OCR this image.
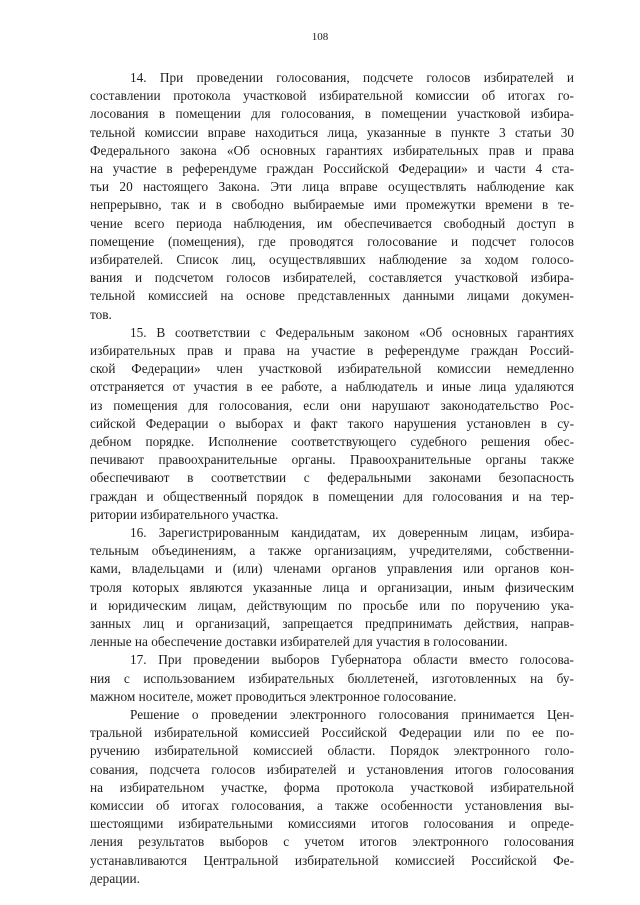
108
14. При проведении голосования, подсчете голосов избирателей и
составлении протокола участковой избирательной комиссии об итогах го-
лосования в помещении для голосования, в помещении участковой избира-
тельной комиссии вправе находиться лица, указанные в пункте 3 статьи 30
Федерального закона «Об основных гарантиях избирательных прав и права
на участие в референдуме граждан Российской Федерации» и части 4 ста-
тьи 20 настоящего Закона. Эти лица вправе осуществлять наблюдение как
непрерывно, так и в свободно выбираемые ими промежутки времени в те-
чение всего периода наблюдения, им обеспечивается свободный доступ в
помещение (помещения), где проводятся голосование и подсчет голосов
избирателей. Список лиц, осуществлявших наблюдение за ходом голосо-
вания и подсчетом голосов избирателей, составляется участковой избира-
тельной комиссией на основе представленных данными лицами докумен-
тов.
15. В соответствии с Федеральным законом «Об основных гарантиях
избирательных прав и права на участие в референдуме граждан Россий-
ской Федерации» член участковой избирательной комиссии немедленно
отстраняется от участия в ее работе, а наблюдатель и иные лица удаляются
из помещения для голосования, если они нарушают законодательство Рос-
сийской Федерации о выборах и факт такого нарушения установлен в су-
дебном порядке. Исполнение соответствующего судебного решения обес-
печивают правоохранительные органы. Правоохранительные органы также
обеспечивают в соответствии с федеральными законами безопасность
граждан и общественный порядок в помещении для голосования и на тер-
ритории избирательного участка.
16. Зарегистрированным кандидатам, их доверенным лицам, избира-
тельным объединениям, а также организациям, учредителями, собственни-
ками, владельцами и (или) членами органов управления или органов кон-
троля которых являются указанные лица и организации, иным физическим
и юридическим лицам, действующим по просьбе или по поручению ука-
занных лиц и организаций, запрещается предпринимать действия, направ-
ленные на обеспечение доставки избирателей для участия в голосовании.
17. При проведении выборов Губернатора области вместо голосова-
ния с использованием избирательных бюллетеней, изготовленных на бу-
мажном носителе, может проводиться электронное голосование.
Решение о проведении электронного голосования принимается Цен-
тральной избирательной комиссией Российской Федерации или по ее по-
ручению избирательной комиссией области. Порядок электронного голо-
сования, подсчета голосов избирателей и установления итогов голосования
на избирательном участке, форма протокола участковой избирательной
комиссии об итогах голосования, а также особенности установления вы-
шестоящими избирательными комиссиями итогов голосования и опреде-
ления результатов выборов с учетом итогов электронного голосования
устанавливаются Центральной избирательной комиссией Российской Фе-
дерации.
